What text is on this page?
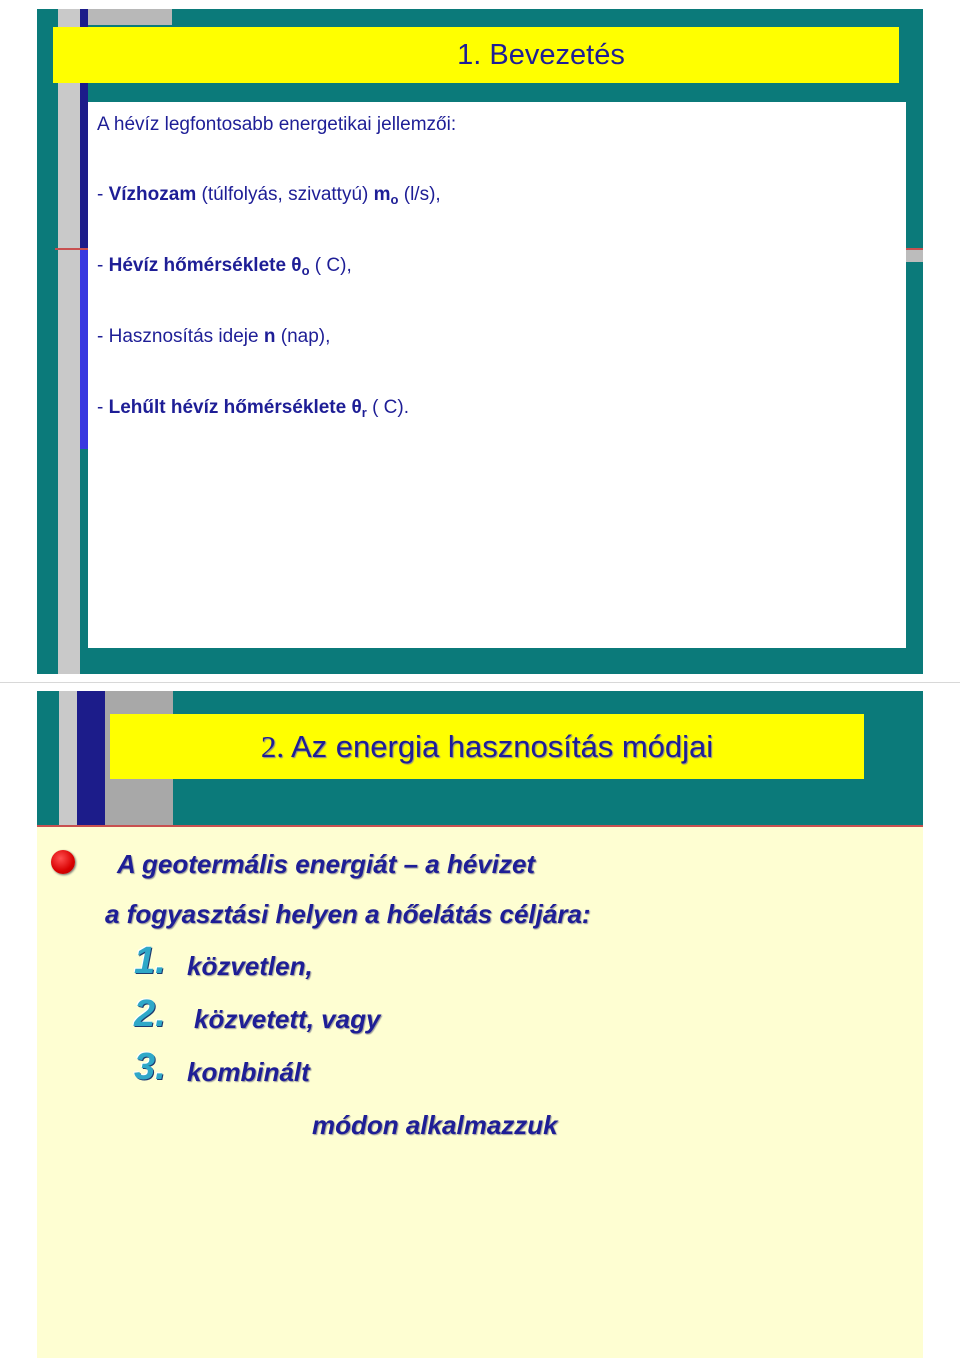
1. Bevezetés
A hévíz legfontosabb energetikai jellemzői:
- Vízhozam (túlfolyás, szivattyú) $m_o$ (l/s),
- Hévíz hőmérséklete $\theta_o$ ( C),
- Hasznosítás ideje n (nap),
- Lehűlt hévíz hőmérséklete $\theta_r$ ( C).
2. Az energia hasznosítás módjai
A geotermális energiát – a hévizet
a fogyasztási helyen a hőelátás céljára:
1. közvetlen,
2. közvetett, vagy
3. kombinált
módon alkalmazzuk
